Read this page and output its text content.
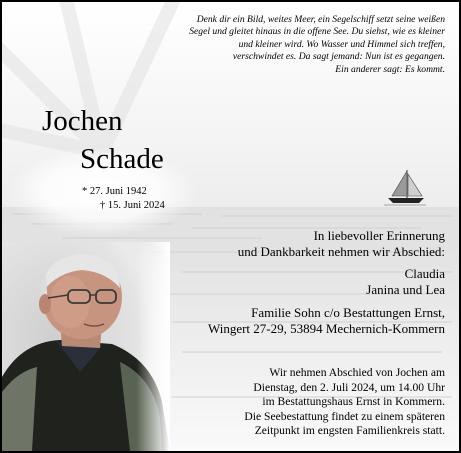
Denk dir ein Bild, weites Meer, ein Segelschiff setzt seine weißen
Segel und gleitet hinaus in die offene See. Du siehst, wie es kleiner
und kleiner wird. Wo Wasser und Himmel sich treffen,
verschwindet es. Da sagt jemand: Nun ist es gegangen.
Ein anderer sagt: Es kommt.
Jochen
Schade
* 27. Juni 1942
† 15. Juni 2024
In liebevoller Erinnerung
und Dankbarkeit nehmen wir Abschied:
Claudia
Janina und Lea
Familie Sohn c/o Bestattungen Ernst,
Wingert 27-29, 53894 Mechernich-Kommern
Wir nehmen Abschied von Jochen am
Dienstag, den 2. Juli 2024, um 14.00 Uhr
im Bestattungshaus Ernst in Kommern.
Die Seebestattung findet zu einem späteren
Zeitpunkt im engsten Familienkreis statt.
